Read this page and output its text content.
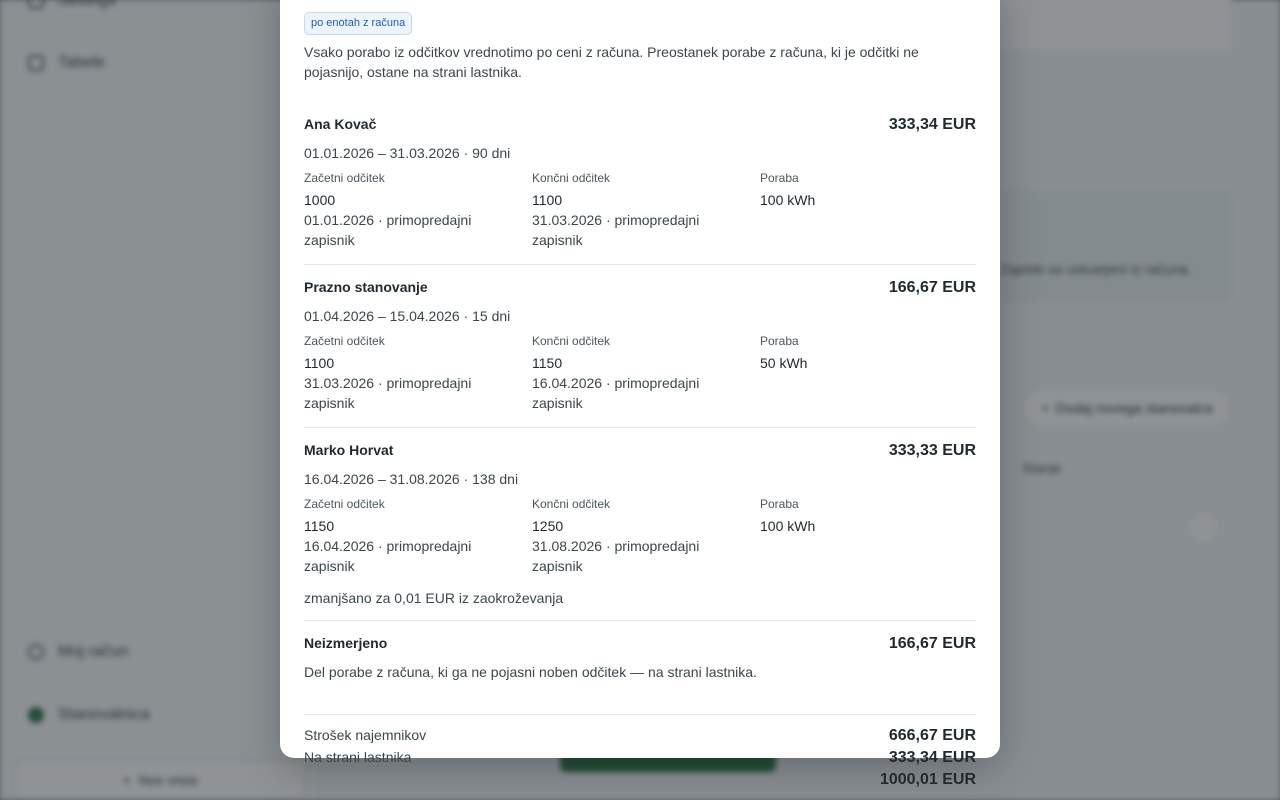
po enotah z računa
Vsako porabo iz odčitkov vrednotimo po ceni z računa. Preostanek porabe z računa, ki je odčitki ne pojasnijo, ostane na strani lastnika.
Ana Kovač	333,34 EUR
01.01.2026 – 31.03.2026 · 90 dni
Začetni odčitek
1000
01.01.2026 · primopredajni zapisnik
Končni odčitek
1100
31.03.2026 · primopredajni zapisnik
Poraba
100 kWh
Prazno stanovanje	166,67 EUR
01.04.2026 – 15.04.2026 · 15 dni
Začetni odčitek
1100
31.03.2026 · primopredajni zapisnik
Končni odčitek
1150
16.04.2026 · primopredajni zapisnik
Poraba
50 kWh
Marko Horvat	333,33 EUR
16.04.2026 – 31.08.2026 · 138 dni
Začetni odčitek
1150
16.04.2026 · primopredajni zapisnik
Končni odčitek
1250
31.08.2026 · primopredajni zapisnik
Poraba
100 kWh
zmanjšano za 0,01 EUR iz zaokroževanja
Neizmerjeno	166,67 EUR
Del porabe z računa, ki ga ne pojasni noben odčitek — na strani lastnika.
Strošek najemnikov	666,67 EUR
Na strani lastnika	333,34 EUR
1000,01 EUR
